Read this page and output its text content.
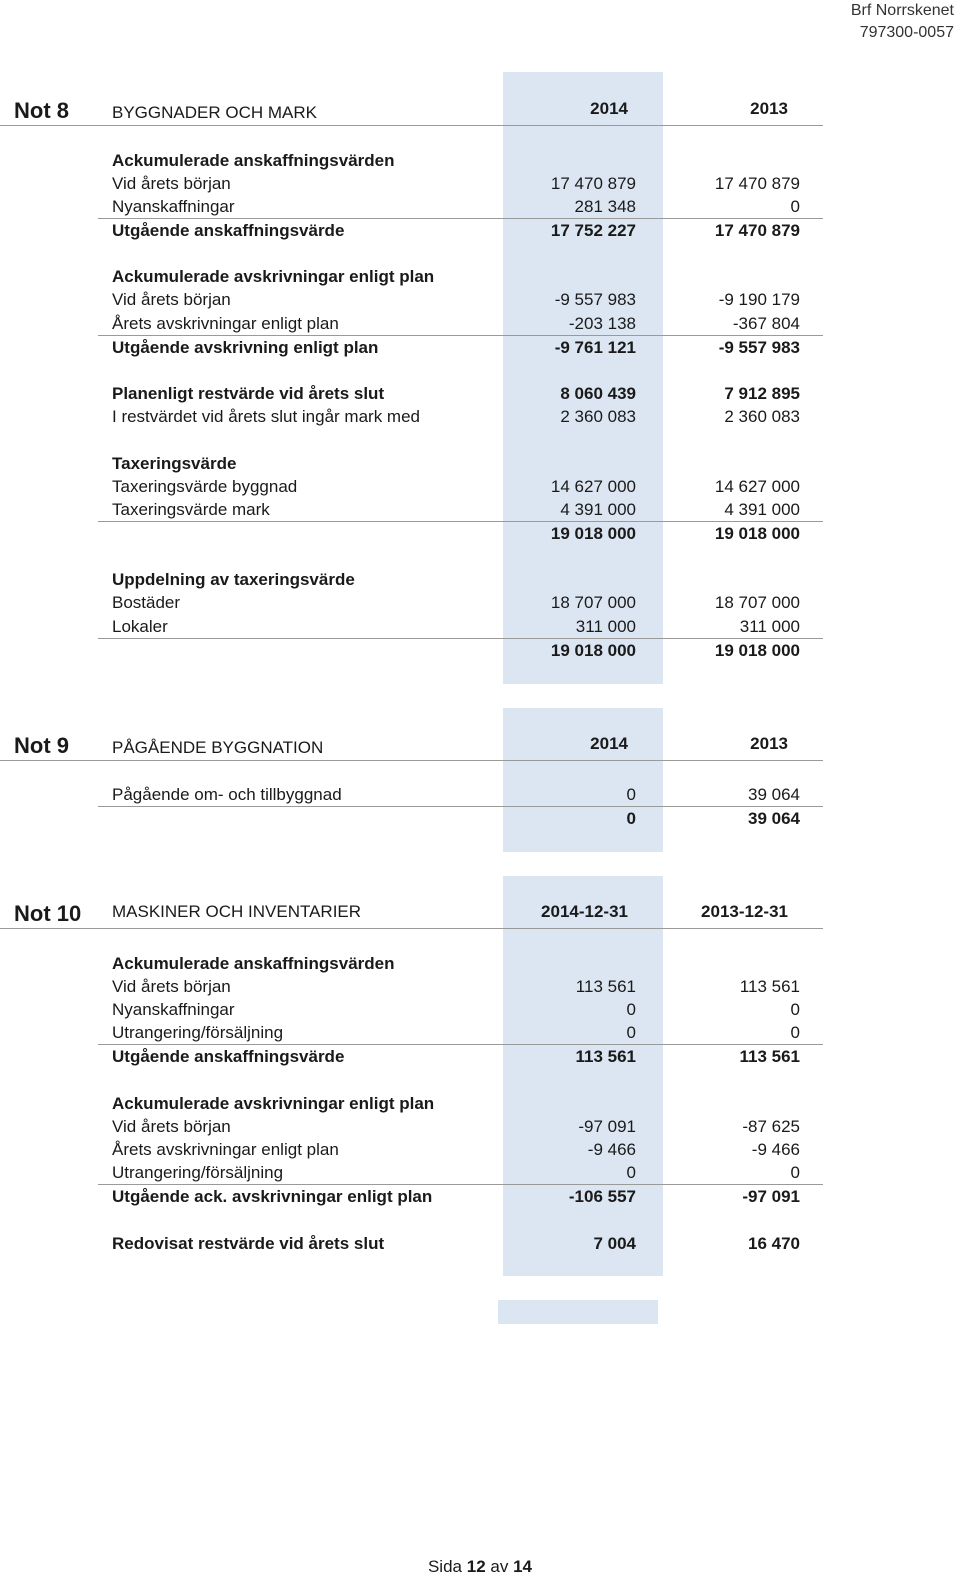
Brf Norrskenet
797300-0057
Not 8	BYGGNADER OCH MARK	2014	2013
Ackumulerade anskaffningsvärden
Vid årets början	17 470 879	17 470 879
Nyanskaffningar	281 348	0
Utgående anskaffningsvärde	17 752 227	17 470 879
Ackumulerade avskrivningar enligt plan
Vid årets början	-9 557 983	-9 190 179
Årets avskrivningar enligt plan	-203 138	-367 804
Utgående avskrivning enligt plan	-9 761 121	-9 557 983
Planenligt restvärde vid årets slut	8 060 439	7 912 895
I restvärdet vid årets slut ingår mark med	2 360 083	2 360 083
Taxeringsvärde
Taxeringsvärde byggnad	14 627 000	14 627 000
Taxeringsvärde mark	4 391 000	4 391 000
19 018 000	19 018 000
Uppdelning av taxeringsvärde
Bostäder	18 707 000	18 707 000
Lokaler	311 000	311 000
19 018 000	19 018 000
Not 9	PÅGÅENDE BYGGNATION	2014	2013
Pågående om- och tillbyggnad	0	39 064
0	39 064
Not 10 MASKINER OCH INVENTARIER	2014-12-31	2013-12-31
Ackumulerade anskaffningsvärden
Vid årets början	113 561	113 561
Nyanskaffningar	0	0
Utrangering/försäljning	0	0
Utgående anskaffningsvärde	113 561	113 561
Ackumulerade avskrivningar enligt plan
Vid årets början	-97 091	-87 625
Årets avskrivningar enligt plan	-9 466	-9 466
Utrangering/försäljning	0	0
Utgående ack. avskrivningar enligt plan	-106 557	-97 091
Redovisat restvärde vid årets slut	7 004	16 470
Sida 12 av 14
